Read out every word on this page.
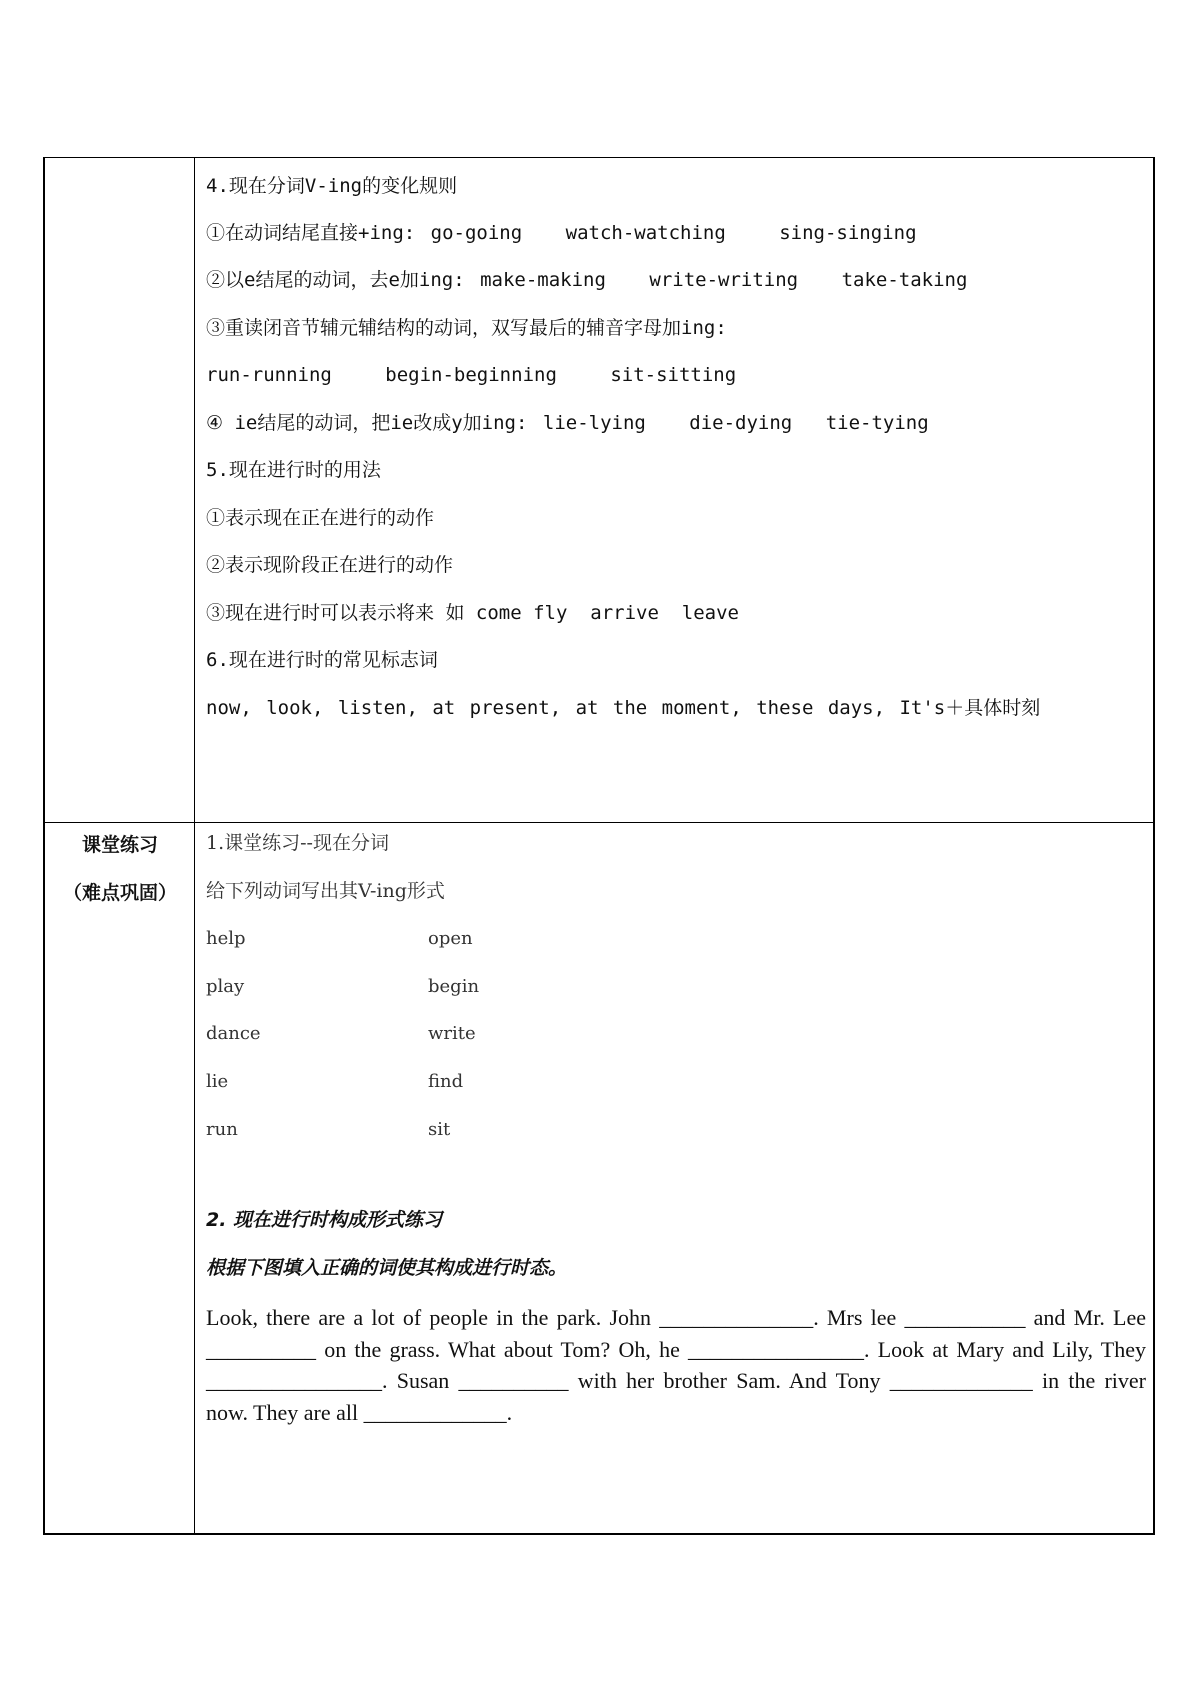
4.现在分词V-ing的变化规则
①在动词结尾直接+ing: go-going watch-watching	sing-singing
②以e结尾的动词，去e加ing: make-making write-writing take-taking
③重读闭音节辅元辅结构的动词，双写最后的辅音字母加ing:
run-running	begin-beginning	sit-sitting
④ ie结尾的动词，把ie改成y加ing: lie-lying die-dying tie-tying
5.现在进行时的用法
①表示现在正在进行的动作
②表示现阶段正在进行的动作
③现在进行时可以表示将来 如 come fly  arrive  leave
6.现在进行时的常见标志词
now, look, listen, at present, at the moment, these days, It's＋具体时刻
课堂练习
（难点巩固）
1.课堂练习--现在分词
给下列动词写出其V-ing形式
help	open
play	begin
dance	write
lie	find
run	sit
2. 现在进行时构成形式练习
根据下图填入正确的词使其构成进行时态。
Look, there are a lot of people in the park. John ______________. Mrs lee ___________ and Mr. Lee __________ on the grass. What about Tom? Oh, he ________________. Look at Mary and Lily, They ________________. Susan __________ with her brother Sam. And Tony _____________ in the river now. They are all _____________.
